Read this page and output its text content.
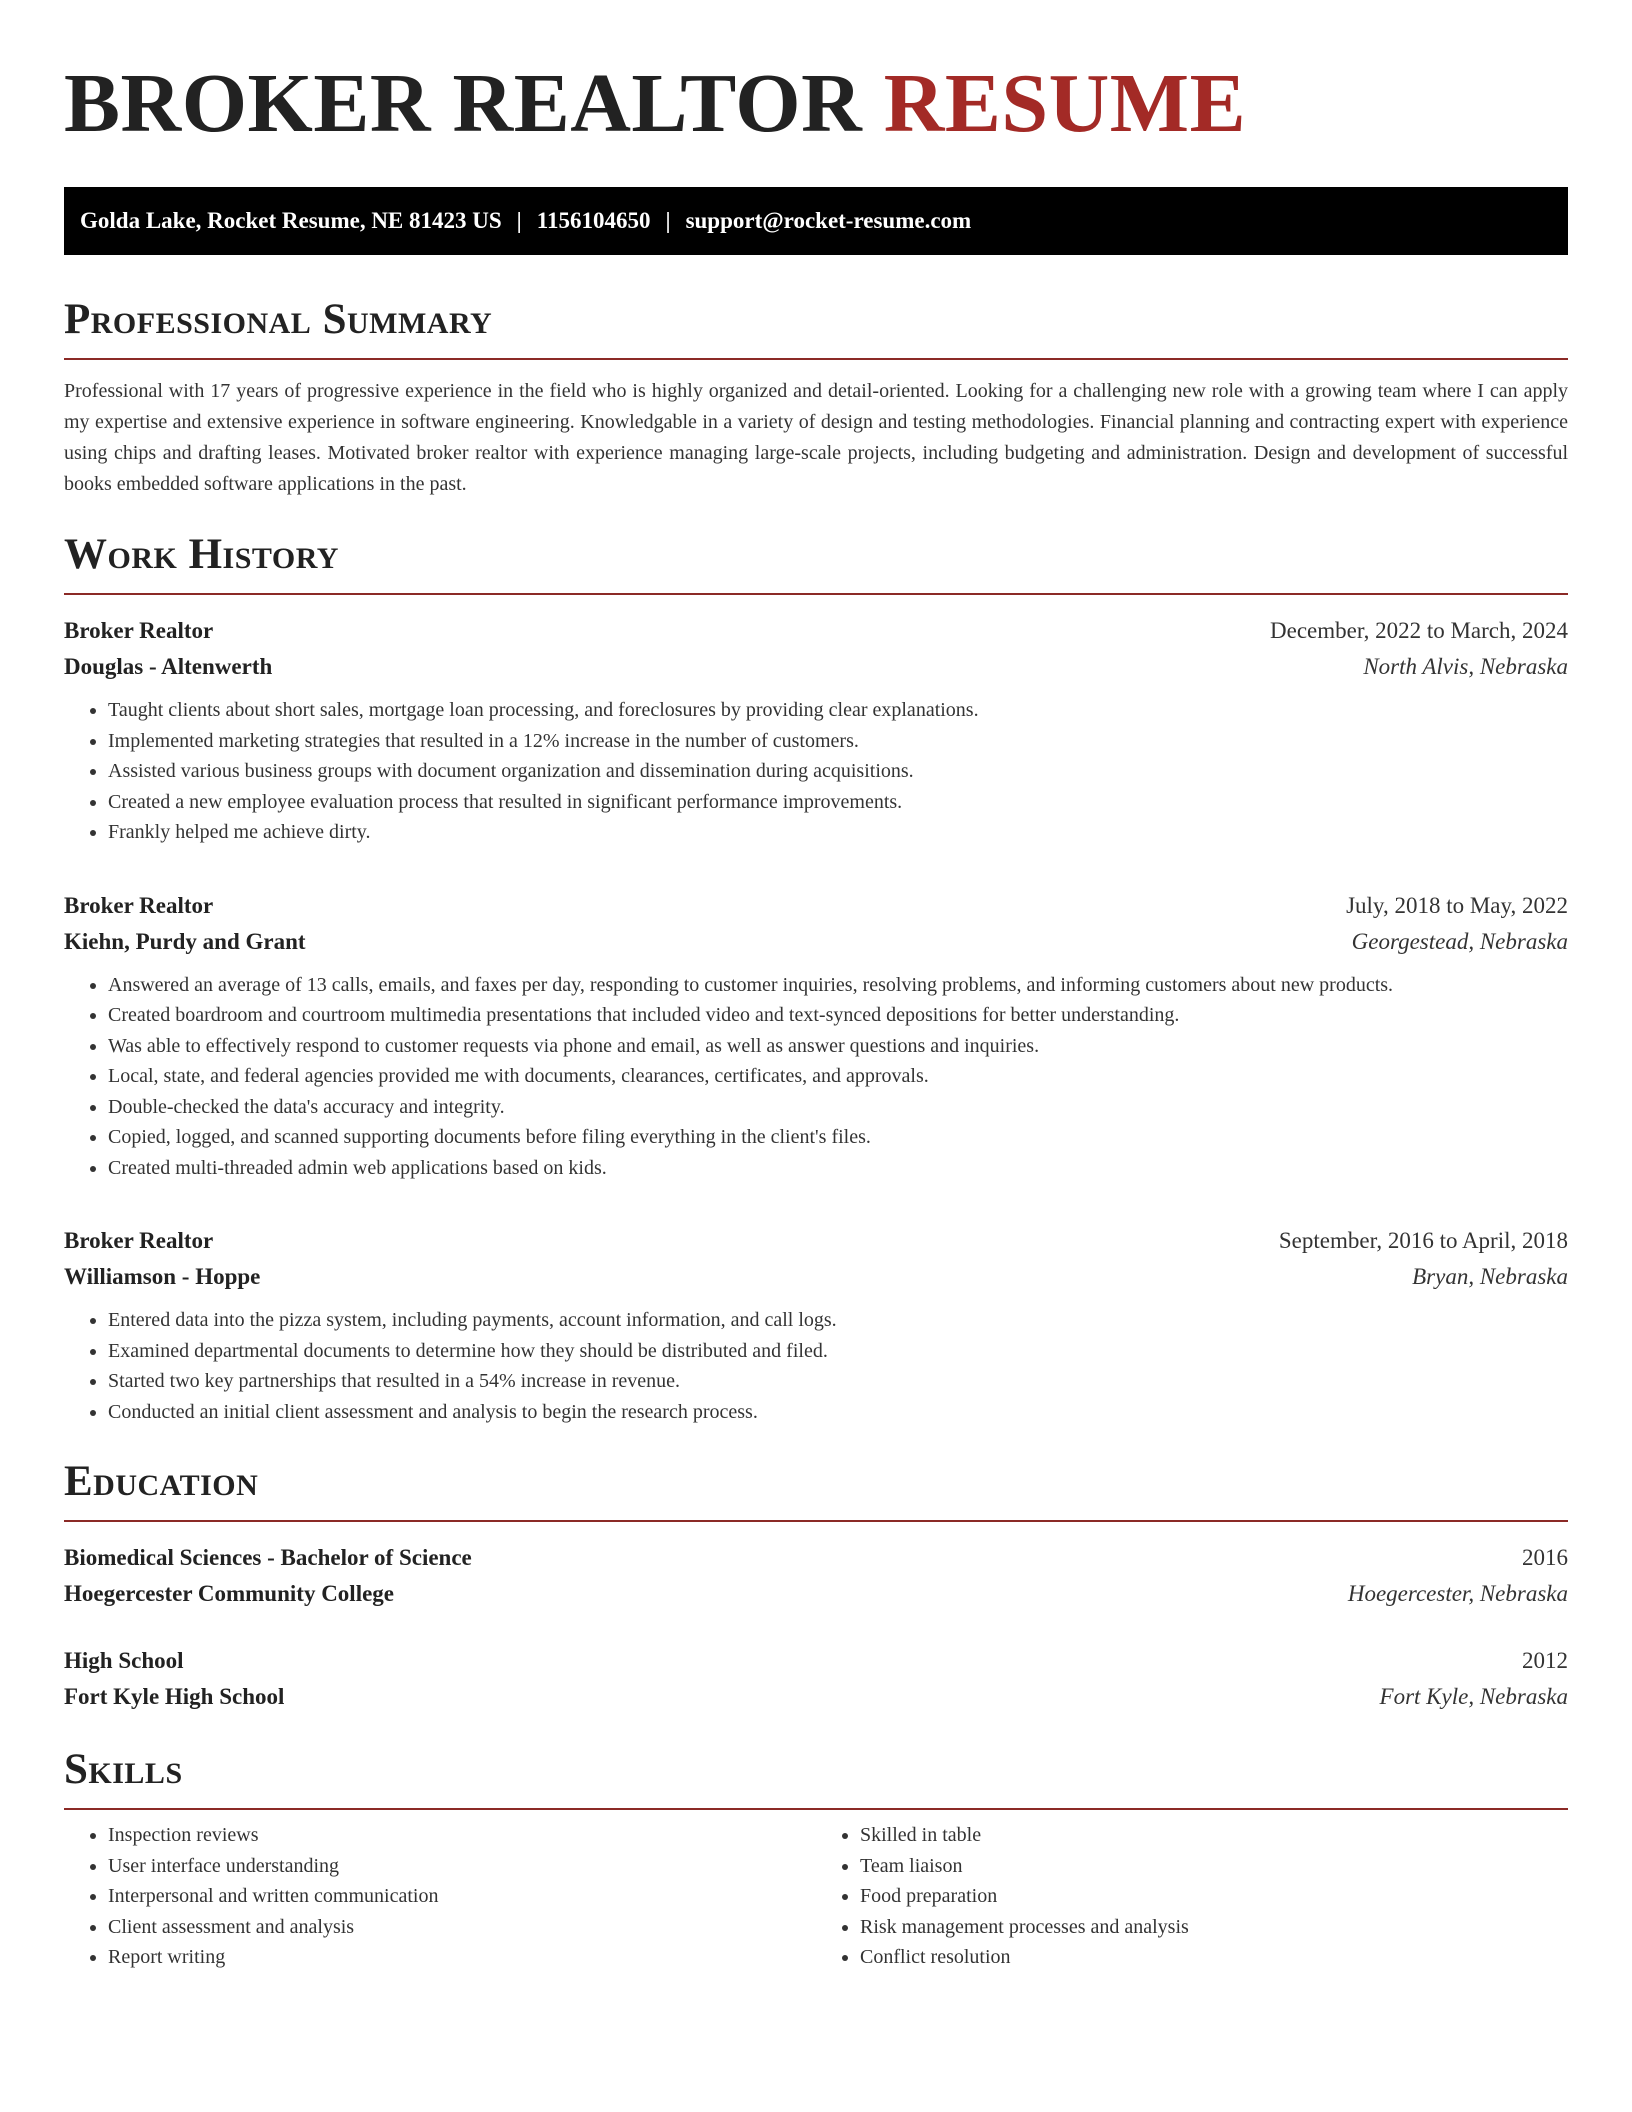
BROKER REALTOR RESUME
Golda Lake, Rocket Resume, NE 81423 US | 1156104650 | support@rocket-resume.com
Professional Summary

Professional with 17 years of progressive experience in the field who is highly organized and detail-oriented. Looking for a challenging new role with a growing team where I can apply my expertise and extensive experience in software engineering. Knowledgable in a variety of design and testing methodologies. Financial planning and contracting expert with experience using chips and drafting leases. Motivated broker realtor with experience managing large-scale projects, including budgeting and administration. Design and development of successful books embedded software applications in the past.

Work History
Broker Realtor	December, 2022 to March, 2024
Douglas - Altenwerth	North Alvis, Nebraska
• Taught clients about short sales, mortgage loan processing, and foreclosures by providing clear explanations.
• Implemented marketing strategies that resulted in a 12% increase in the number of customers.
• Assisted various business groups with document organization and dissemination during acquisitions.
• Created a new employee evaluation process that resulted in significant performance improvements.
• Frankly helped me achieve dirty.
Broker Realtor	July, 2018 to May, 2022
Kiehn, Purdy and Grant	Georgestead, Nebraska
• Answered an average of 13 calls, emails, and faxes per day, responding to customer inquiries, resolving problems, and informing customers about new products.
• Created boardroom and courtroom multimedia presentations that included video and text-synced depositions for better understanding.
• Was able to effectively respond to customer requests via phone and email, as well as answer questions and inquiries.
• Local, state, and federal agencies provided me with documents, clearances, certificates, and approvals.
• Double-checked the data's accuracy and integrity.
• Copied, logged, and scanned supporting documents before filing everything in the client's files.
• Created multi-threaded admin web applications based on kids.
Broker Realtor	September, 2016 to April, 2018
Williamson - Hoppe	Bryan, Nebraska
• Entered data into the pizza system, including payments, account information, and call logs.
• Examined departmental documents to determine how they should be distributed and filed.
• Started two key partnerships that resulted in a 54% increase in revenue.
• Conducted an initial client assessment and analysis to begin the research process.
Education
Biomedical Sciences - Bachelor of Science	2016
Hoegercester Community College	Hoegercester, Nebraska
High School	2012
Fort Kyle High School	Fort Kyle, Nebraska
Skills
• Inspection reviews
• User interface understanding
• Interpersonal and written communication
• Client assessment and analysis
• Report writing
• Skilled in table
• Team liaison
• Food preparation
• Risk management processes and analysis
• Conflict resolution
